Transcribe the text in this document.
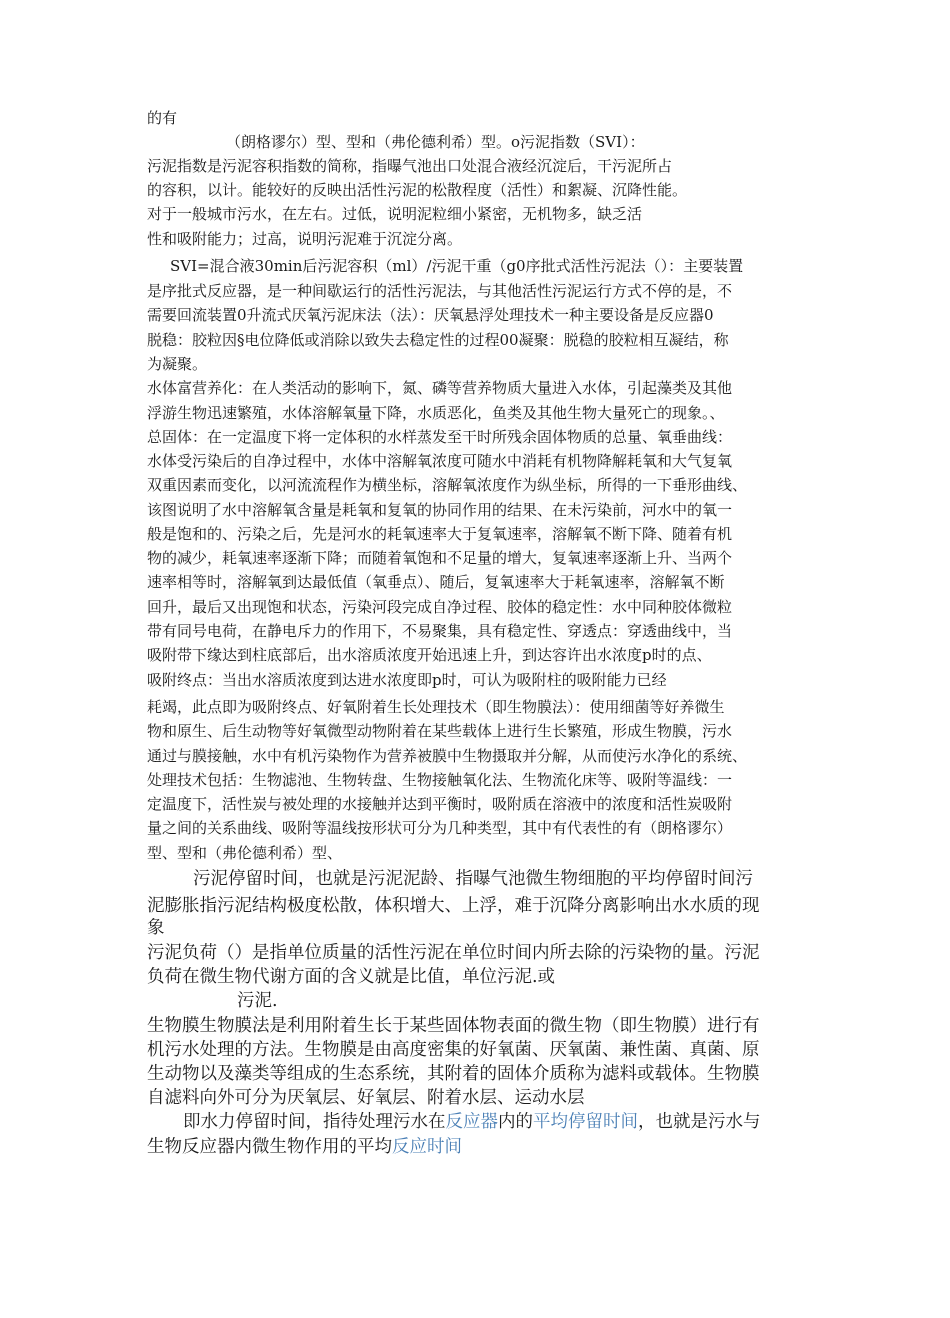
的有
（朗格谬尔）型、型和（弗伦德利希）型。o污泥指数（SVI）：
污泥指数是污泥容积指数的简称，指曝气池出口处混合液经沉淀后，干污泥所占
的容积，以计。能较好的反映出活性污泥的松散程度（活性）和絮凝、沉降性能。
对于一般城市污水，在左右。过低，说明泥粒细小紧密，无机物多，缺乏活
性和吸附能力；过高，说明污泥难于沉淀分离。
SVI=混合液30min后污泥容积（ml）/污泥干重（g0序批式活性污泥法（）：主要装置
是序批式反应器，是一种间歇运行的活性污泥法，与其他活性污泥运行方式不停的是，不
需要回流装置0升流式厌氧污泥床法（法）：厌氧悬浮处理技术一种主要设备是反应器0
脱稳：胶粒因§电位降低或消除以致失去稳定性的过程00凝聚：脱稳的胶粒相互凝结，称
为凝聚。
水体富营养化：在人类活动的影响下，氮、磷等营养物质大量进入水体，引起藻类及其他
浮游生物迅速繁殖，水体溶解氧量下降，水质恶化，鱼类及其他生物大量死亡的现象。、
总固体：在一定温度下将一定体积的水样蒸发至干时所残余固体物质的总量、氧垂曲线：
水体受污染后的自净过程中，水体中溶解氧浓度可随水中消耗有机物降解耗氧和大气复氧
双重因素而变化，以河流流程作为横坐标，溶解氧浓度作为纵坐标，所得的一下垂形曲线、
该图说明了水中溶解氧含量是耗氧和复氧的协同作用的结果、在未污染前，河水中的氧一
般是饱和的、污染之后，先是河水的耗氧速率大于复氧速率，溶解氧不断下降、随着有机
物的减少，耗氧速率逐渐下降；而随着氧饱和不足量的增大，复氧速率逐渐上升、当两个
速率相等时，溶解氧到达最低值（氧垂点）、随后，复氧速率大于耗氧速率，溶解氧不断
回升，最后又出现饱和状态，污染河段完成自净过程、胶体的稳定性：水中同种胶体微粒
带有同号电荷，在静电斥力的作用下，不易聚集，具有稳定性、穿透点：穿透曲线中，当
吸附带下缘达到柱底部后，出水溶质浓度开始迅速上升，到达容许出水浓度p时的点、
吸附终点：当出水溶质浓度到达进水浓度即p时，可认为吸附柱的吸附能力已经
耗竭，此点即为吸附终点、好氧附着生长处理技术（即生物膜法）：使用细菌等好养微生
物和原生、后生动物等好氧微型动物附着在某些载体上进行生长繁殖，形成生物膜，污水
通过与膜接触，水中有机污染物作为营养被膜中生物摄取并分解，从而使污水净化的系统、
处理技术包括：生物滤池、生物转盘、生物接触氧化法、生物流化床等、吸附等温线：一
定温度下，活性炭与被处理的水接触并达到平衡时，吸附质在溶液中的浓度和活性炭吸附
量之间的关系曲线、吸附等温线按形状可分为几种类型，其中有代表性的有（朗格谬尔）
型、型和（弗伦德利希）型、
污泥停留时间，也就是污泥泥龄、指曝气池微生物细胞的平均停留时间污
泥膨胀指污泥结构极度松散，体积增大、上浮，难于沉降分离影响出水水质的现
象
污泥负荷（）是指单位质量的活性污泥在单位时间内所去除的污染物的量。污泥
负荷在微生物代谢方面的含义就是比值，单位污泥.或
污泥.
生物膜生物膜法是利用附着生长于某些固体物表面的微生物（即生物膜）进行有
机污水处理的方法。生物膜是由高度密集的好氧菌、厌氧菌、兼性菌、真菌、原
生动物以及藻类等组成的生态系统，其附着的固体介质称为滤料或载体。生物膜
自滤料向外可分为厌氧层、好氧层、附着水层、运动水层
即水力停留时间，指待处理污水在反应器内的平均停留时间，也就是污水与
生物反应器内微生物作用的平均反应时间
